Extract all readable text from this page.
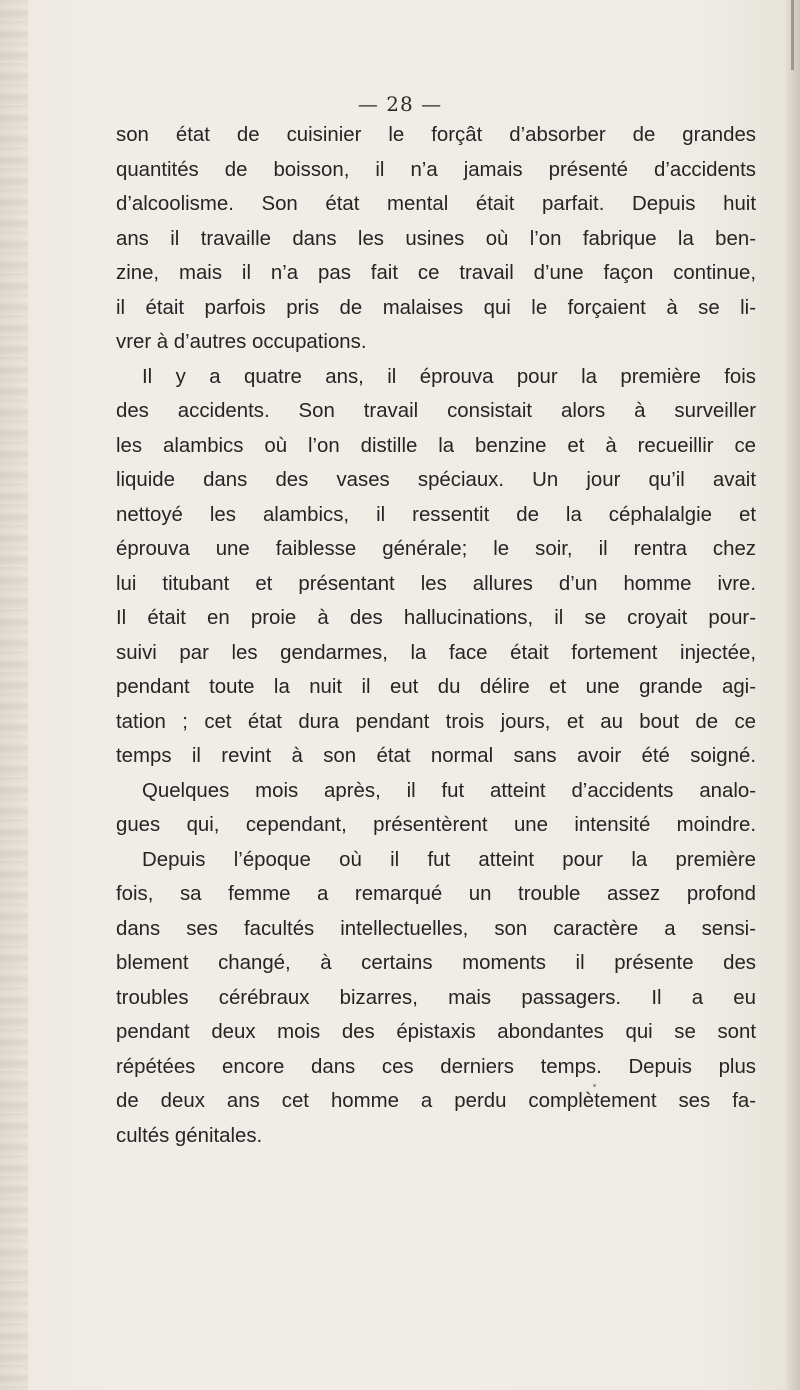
— 28 —
son état de cuisinier le forçât d’absorber de grandes
quantités de boisson, il n’a jamais présenté d’accidents
d’alcoolisme. Son état mental était parfait. Depuis huit
ans il travaille dans les usines où l’on fabrique la ben-
zine, mais il n’a pas fait ce travail d’une façon continue,
il était parfois pris de malaises qui le forçaient à se li-
vrer à d’autres occupations.
Il y a quatre ans, il éprouva pour la première fois
des accidents. Son travail consistait alors à surveiller
les alambics où l’on distille la benzine et à recueillir ce
liquide dans des vases spéciaux. Un jour qu’il avait
nettoyé les alambics, il ressentit de la céphalalgie et
éprouva une faiblesse générale; le soir, il rentra chez
lui titubant et présentant les allures d’un homme ivre.
Il était en proie à des hallucinations, il se croyait pour-
suivi par les gendarmes, la face était fortement injectée,
pendant toute la nuit il eut du délire et une grande agi-
tation ; cet état dura pendant trois jours, et au bout de ce
temps il revint à son état normal sans avoir été soigné.
Quelques mois après, il fut atteint d’accidents analo-
gues qui, cependant, présentèrent une intensité moindre.
Depuis l’époque où il fut atteint pour la première
fois, sa femme a remarqué un trouble assez profond
dans ses facultés intellectuelles, son caractère a sensi-
blement changé, à certains moments il présente des
troubles cérébraux bizarres, mais passagers. Il a eu
pendant deux mois des épistaxis abondantes qui se sont
répétées encore dans ces derniers temps. Depuis plus
de deux ans cet homme a perdu complètement ses fa-
cultés génitales.
